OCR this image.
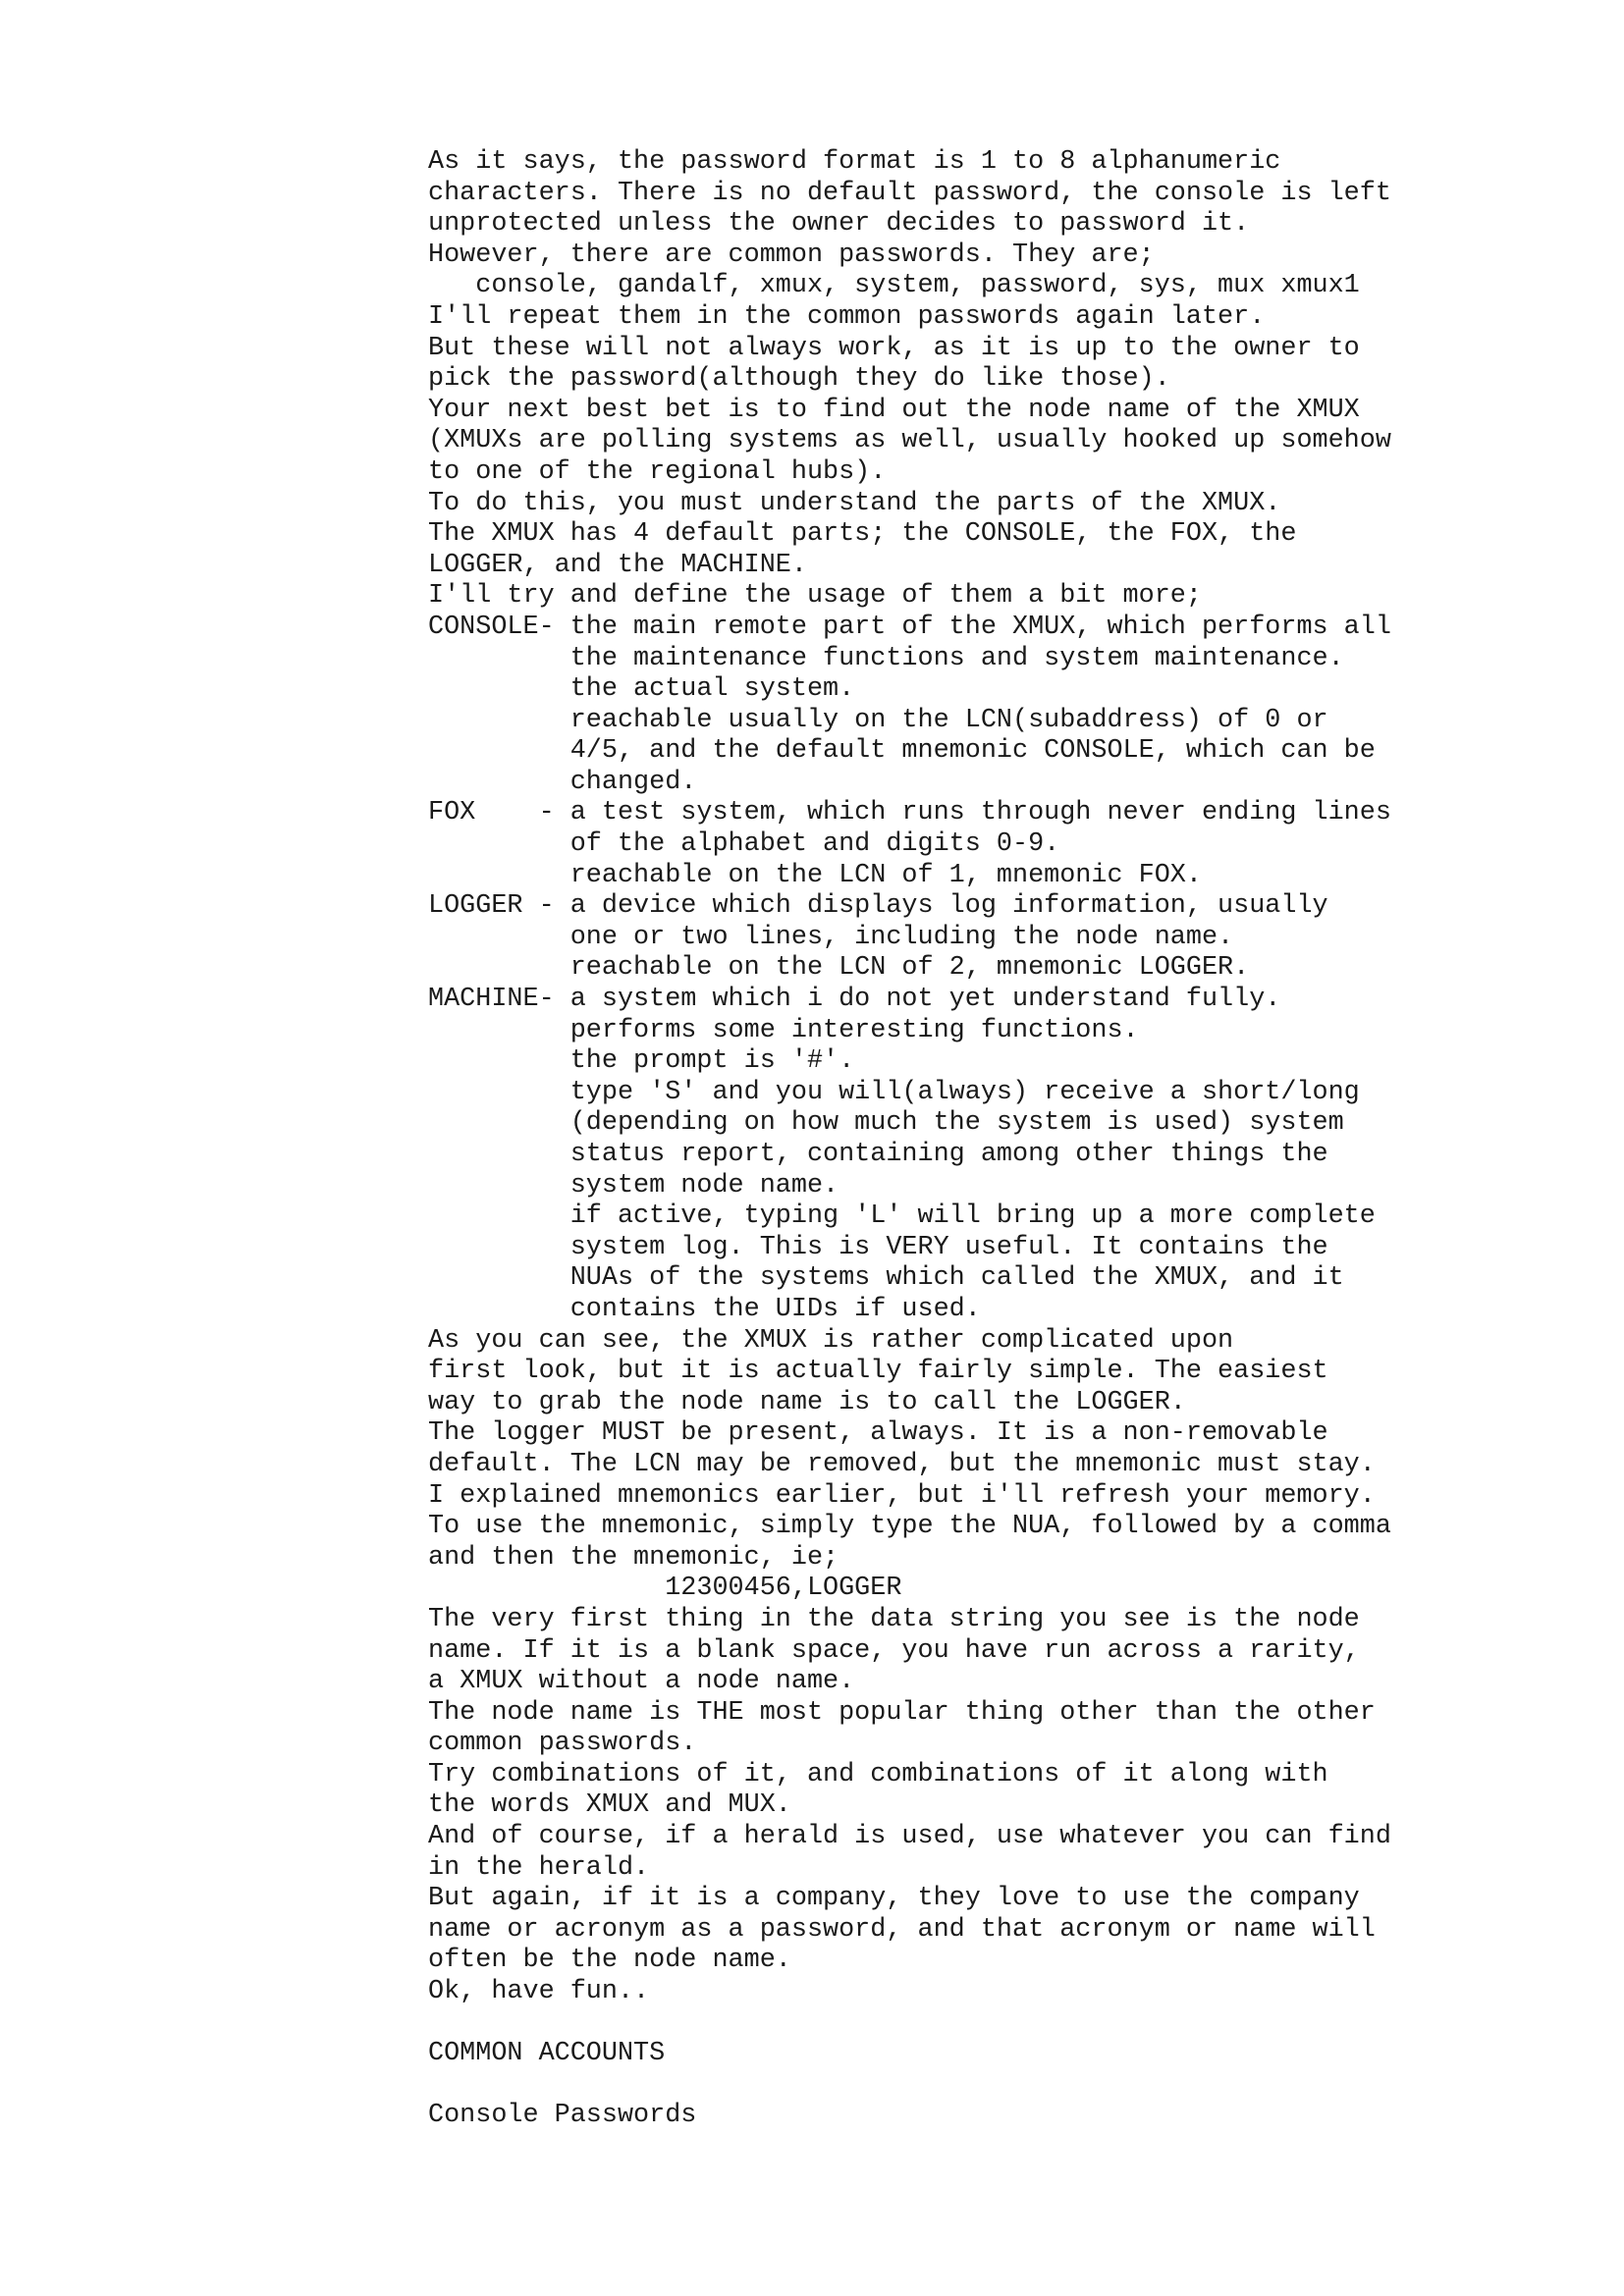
As it says, the password format is 1 to 8 alphanumeric
characters. There is no default password, the console is left
unprotected unless the owner decides to password it.
However, there are common passwords. They are;
console, gandalf, xmux, system, password, sys, mux xmux1
I'll repeat them in the common passwords again later.
But these will not always work, as it is up to the owner to
pick the password(although they do like those).
Your next best bet is to find out the node name of the XMUX
(XMUXs are polling systems as well, usually hooked up somehow
to one of the regional hubs).
To do this, you must understand the parts of the XMUX.
The XMUX has 4 default parts; the CONSOLE, the FOX, the
LOGGER, and the MACHINE.
I'll try and define the usage of them a bit more;
CONSOLE- the main remote part of the XMUX, which performs all
the maintenance functions and system maintenance.
the actual system.
reachable usually on the LCN(subaddress) of 0 or
4/5, and the default mnemonic CONSOLE, which can be
changed.
FOX    - a test system, which runs through never ending lines
of the alphabet and digits 0-9.
reachable on the LCN of 1, mnemonic FOX.
LOGGER - a device which displays log information, usually
one or two lines, including the node name.
reachable on the LCN of 2, mnemonic LOGGER.
MACHINE- a system which i do not yet understand fully.
performs some interesting functions.
the prompt is '#'.
type 'S' and you will(always) receive a short/long
(depending on how much the system is used) system
status report, containing among other things the
system node name.
if active, typing 'L' will bring up a more complete
system log. This is VERY useful. It contains the
NUAs of the systems which called the XMUX, and it
contains the UIDs if used.
As you can see, the XMUX is rather complicated upon
first look, but it is actually fairly simple. The easiest
way to grab the node name is to call the LOGGER.
The logger MUST be present, always. It is a non-removable
default. The LCN may be removed, but the mnemonic must stay.
I explained mnemonics earlier, but i'll refresh your memory.
To use the mnemonic, simply type the NUA, followed by a comma
and then the mnemonic, ie;
12300456,LOGGER
The very first thing in the data string you see is the node
name. If it is a blank space, you have run across a rarity,
a XMUX without a node name.
The node name is THE most popular thing other than the other
common passwords.
Try combinations of it, and combinations of it along with
the words XMUX and MUX.
And of course, if a herald is used, use whatever you can find
in the herald.
But again, if it is a company, they love to use the company
name or acronym as a password, and that acronym or name will
often be the node name.
Ok, have fun..
COMMON ACCOUNTS
Console Passwords
